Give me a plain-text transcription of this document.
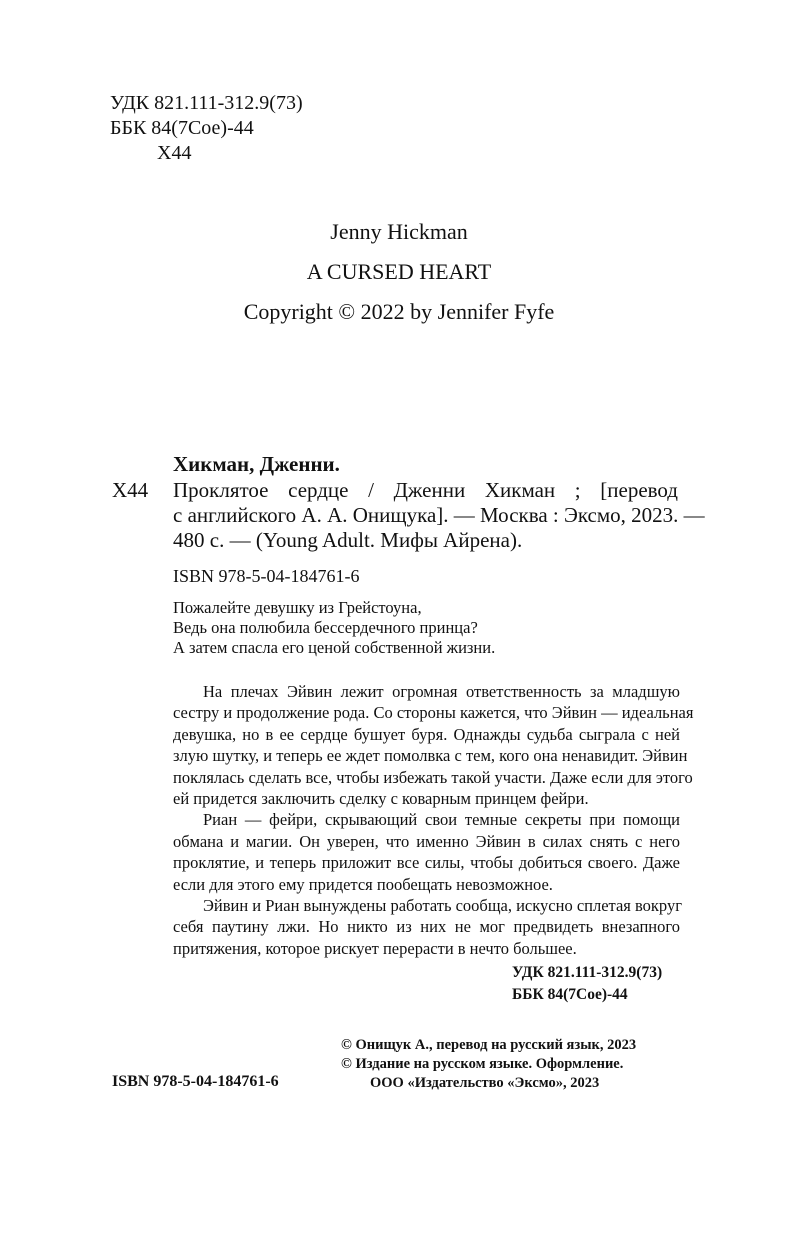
УДК 821.111-312.9(73)
ББК 84(7Сое)-44
Х44
Jenny Hickman
A CURSED HEART
Copyright © 2022 by Jennifer Fyfe
Хикман, Дженни.
Х44 Проклятое сердце / Дженни Хикман ; [перевод
с английского А. А. Онищука]. — Москва : Эксмо, 2023. —
480 с. — (Young Adult. Мифы Айрена).
ISBN 978-5-04-184761-6
Пожалейте девушку из Грейстоуна,
Ведь она полюбила бессердечного принца?
А затем спасла его ценой собственной жизни.
На плечах Эйвин лежит огромная ответственность за младшую
сестру и продолжение рода. Со стороны кажется, что Эйвин — идеальная
девушка, но в ее сердце бушует буря. Однажды судьба сыграла с ней
злую шутку, и теперь ее ждет помолвка с тем, кого она ненавидит. Эйвин
поклялась сделать все, чтобы избежать такой участи. Даже если для этого
ей придется заключить сделку с коварным принцем фейри.
Риан — фейри, скрывающий свои темные секреты при помощи
обмана и магии. Он уверен, что именно Эйвин в силах снять с него
проклятие, и теперь приложит все силы, чтобы добиться своего. Даже
если для этого ему придется пообещать невозможное.
Эйвин и Риан вынуждены работать сообща, искусно сплетая вокруг
себя паутину лжи. Но никто из них не мог предвидеть внезапного
притяжения, которое рискует перерасти в нечто большее.
УДК 821.111-312.9(73)
ББК 84(7Сое)-44
© Онищук А., перевод на русский язык, 2023
© Издание на русском языке. Оформление.
ООО «Издательство «Эксмо», 2023
ISBN 978-5-04-184761-6
